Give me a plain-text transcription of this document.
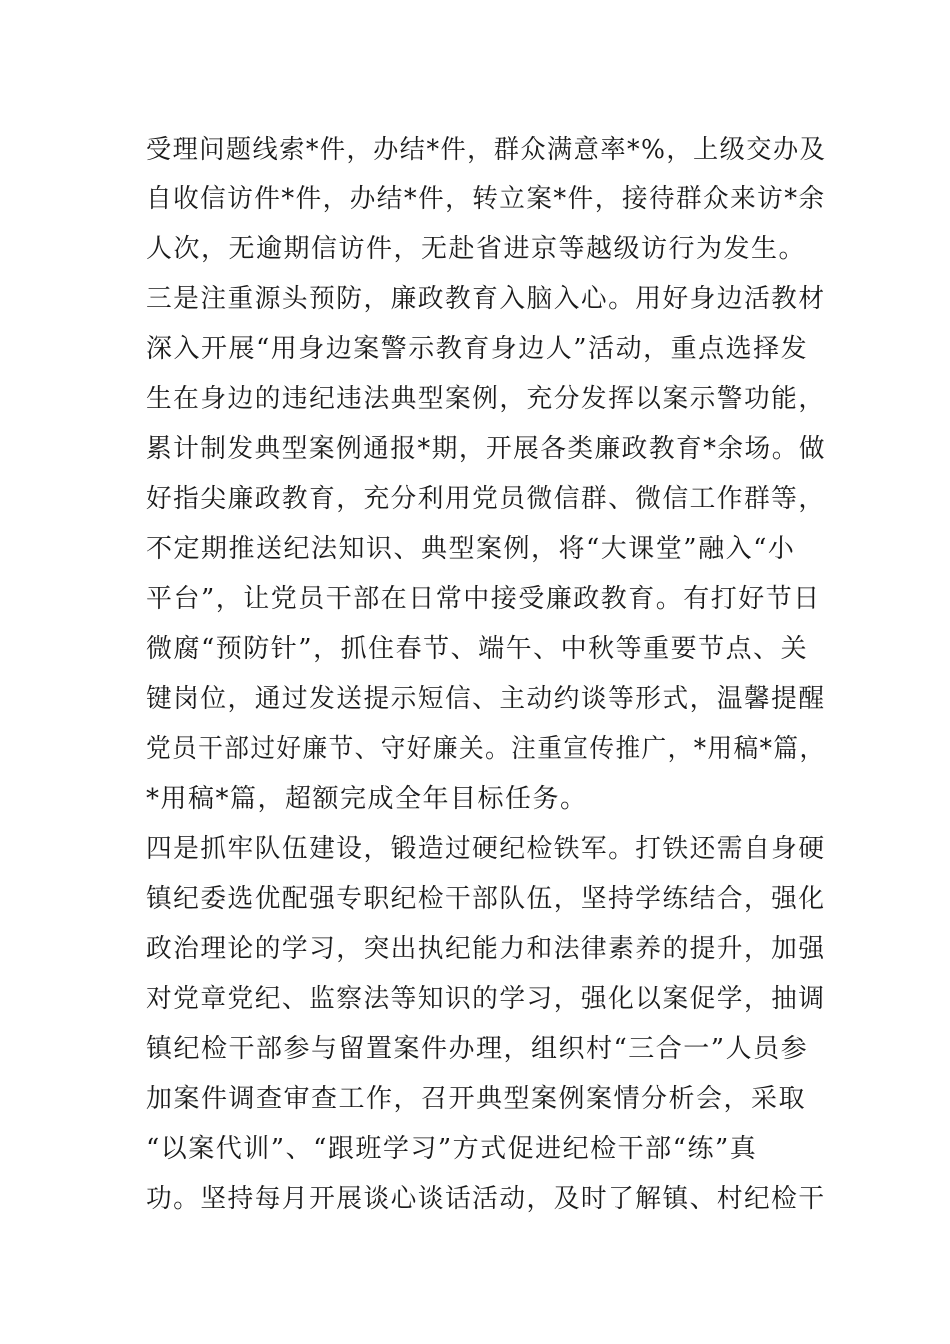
受理问题线索*件，办结*件，群众满意率*%，上级交办及
自收信访件*件，办结*件，转立案*件，接待群众来访*余
人次，无逾期信访件，无赴省进京等越级访行为发生。
三是注重源头预防，廉政教育入脑入心。用好身边活教材
深入开展“用身边案警示教育身边人”活动，重点选择发
生在身边的违纪违法典型案例，充分发挥以案示警功能，
累计制发典型案例通报*期，开展各类廉政教育*余场。做
好指尖廉政教育，充分利用党员微信群、微信工作群等，
不定期推送纪法知识、典型案例，将“大课堂”融入“小
平台”，让党员干部在日常中接受廉政教育。有打好节日
微腐“预防针”，抓住春节、端午、中秋等重要节点、关
键岗位，通过发送提示短信、主动约谈等形式，温馨提醒
党员干部过好廉节、守好廉关。注重宣传推广，*用稿*篇，
*用稿*篇，超额完成全年目标任务。
四是抓牢队伍建设，锻造过硬纪检铁军。打铁还需自身硬
镇纪委选优配强专职纪检干部队伍，坚持学练结合，强化
政治理论的学习，突出执纪能力和法律素养的提升，加强
对党章党纪、监察法等知识的学习，强化以案促学，抽调
镇纪检干部参与留置案件办理，组织村“三合一”人员参
加案件调查审查工作，召开典型案例案情分析会，采取
“以案代训”、“跟班学习”方式促进纪检干部“练”真
功。坚持每月开展谈心谈话活动，及时了解镇、村纪检干
